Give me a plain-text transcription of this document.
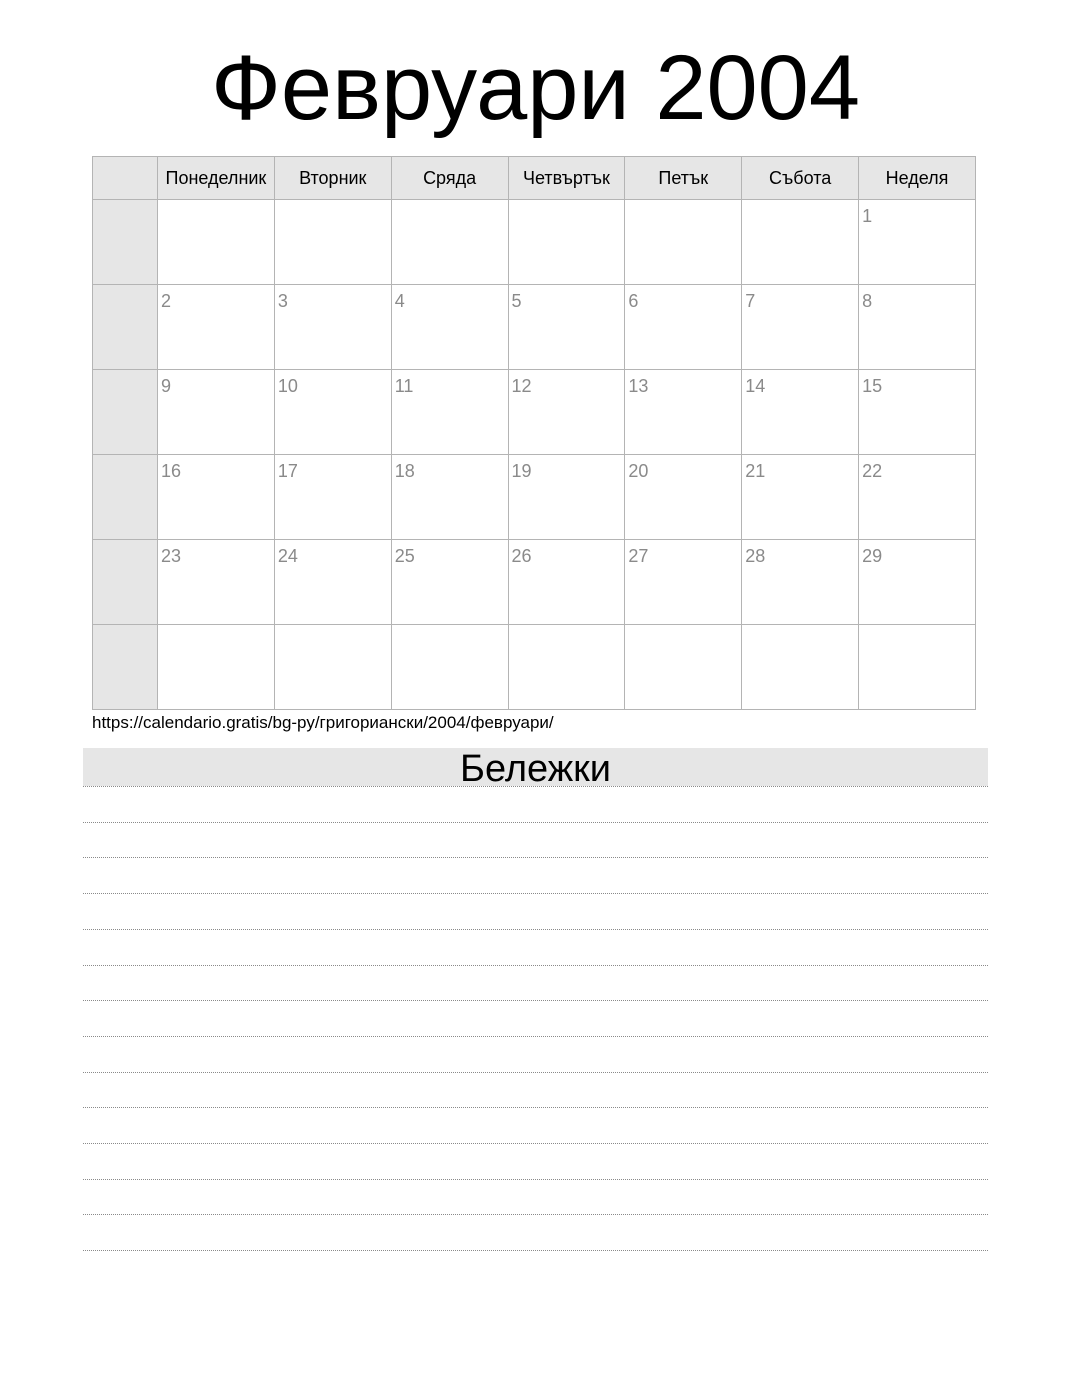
Февруари 2004
	Понеделник	Вторник	Сряда	Четвъртък	Петък	Събота	Неделя

							1

	2	3	4	5	6	7	8

	9	10	11	12	13	14	15

	16	17	18	19	20	21	22

	23	24	25	26	27	28	29

https://calendario.gratis/bg-ру/григориански/2004/февруари/
Бележки
